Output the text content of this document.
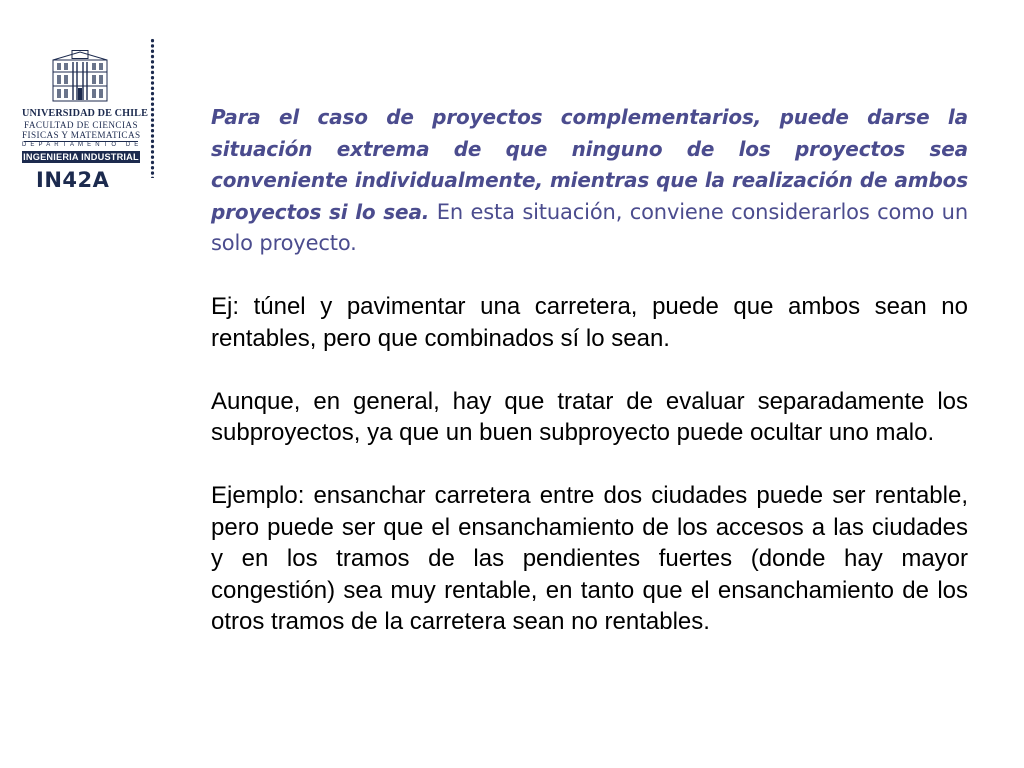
UNIVERSIDAD DE CHILE
FACULTAD DE CIENCIAS
FISICAS Y MATEMATICAS
DEPARTAMENTO DE
INGENIERIA INDUSTRIAL
IN42A

Para el caso de proyectos complementarios, puede darse la situación extrema de que ninguno de los proyectos sea conveniente individualmente, mientras que la realización de ambos proyectos si lo sea. En esta situación, conviene considerarlos como un solo proyecto.

Ej: túnel y pavimentar una carretera, puede que ambos sean no rentables, pero que combinados sí lo sean.

Aunque, en general, hay que tratar de evaluar separadamente los subproyectos, ya que un buen subproyecto puede ocultar uno malo.

Ejemplo: ensanchar carretera entre dos ciudades puede ser rentable, pero puede ser que el ensanchamiento de los accesos a las ciudades y en los tramos de las pendientes fuertes (donde hay mayor congestión) sea muy rentable, en tanto que el ensanchamiento de los otros tramos de la carretera sean no rentables.
